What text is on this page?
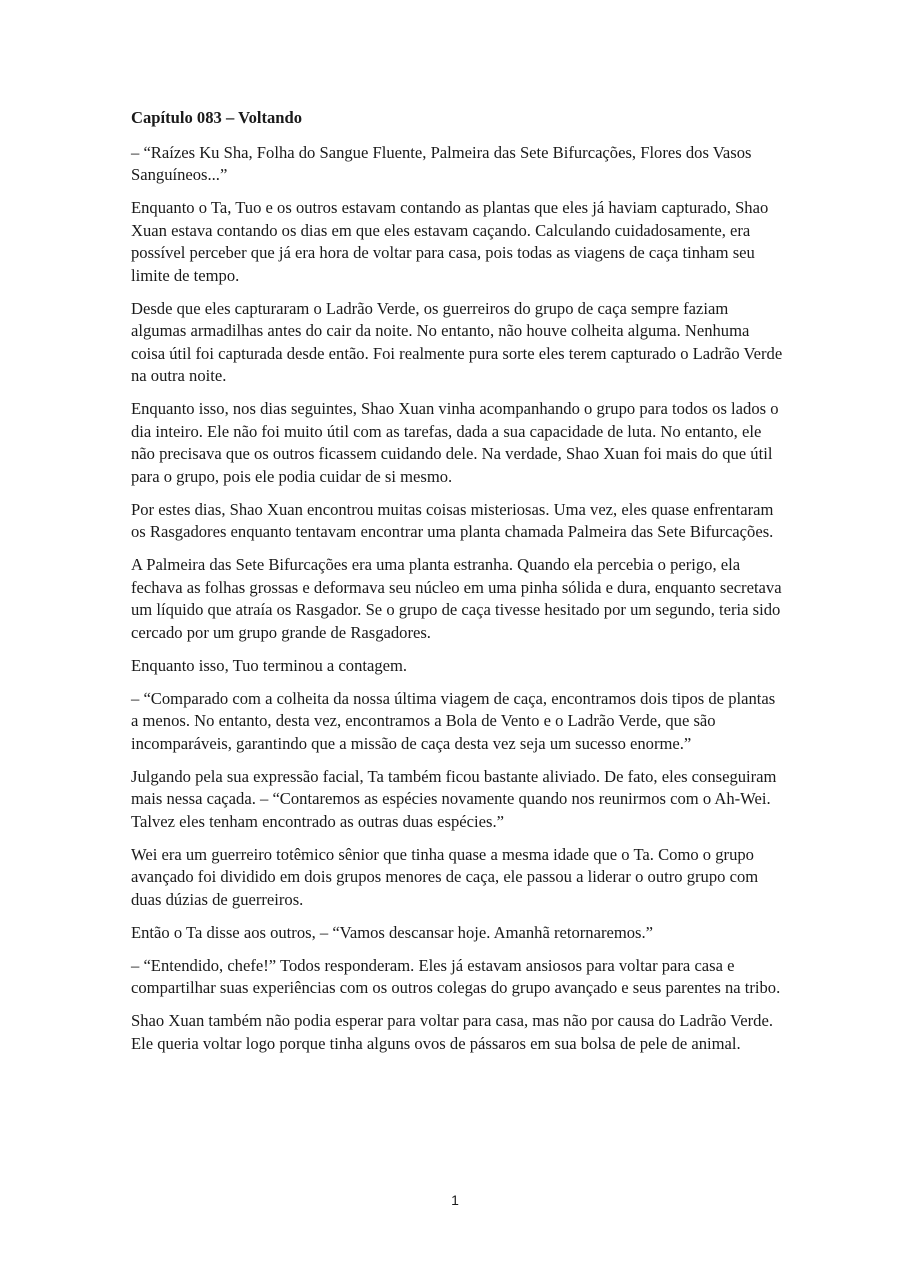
Capítulo 083 – Voltando

– “Raízes Ku Sha, Folha do Sangue Fluente, Palmeira das Sete Bifurcações, Flores dos Vasos Sanguíneos...”

Enquanto o Ta, Tuo e os outros estavam contando as plantas que eles já haviam capturado, Shao Xuan estava contando os dias em que eles estavam caçando. Calculando cuidadosamente, era possível perceber que já era hora de voltar para casa, pois todas as viagens de caça tinham seu limite de tempo.

Desde que eles capturaram o Ladrão Verde, os guerreiros do grupo de caça sempre faziam algumas armadilhas antes do cair da noite. No entanto, não houve colheita alguma. Nenhuma coisa útil foi capturada desde então. Foi realmente pura sorte eles terem capturado o Ladrão Verde na outra noite.

Enquanto isso, nos dias seguintes, Shao Xuan vinha acompanhando o grupo para todos os lados o dia inteiro. Ele não foi muito útil com as tarefas, dada a sua capacidade de luta. No entanto, ele não precisava que os outros ficassem cuidando dele. Na verdade, Shao Xuan foi mais do que útil para o grupo, pois ele podia cuidar de si mesmo.

Por estes dias, Shao Xuan encontrou muitas coisas misteriosas. Uma vez, eles quase enfrentaram os Rasgadores enquanto tentavam encontrar uma planta chamada Palmeira das Sete Bifurcações.

A Palmeira das Sete Bifurcações era uma planta estranha. Quando ela percebia o perigo, ela fechava as folhas grossas e deformava seu núcleo em uma pinha sólida e dura, enquanto secretava um líquido que atraía os Rasgador. Se o grupo de caça tivesse hesitado por um segundo, teria sido cercado por um grupo grande de Rasgadores.

Enquanto isso, Tuo terminou a contagem.

– “Comparado com a colheita da nossa última viagem de caça, encontramos dois tipos de plantas a menos. No entanto, desta vez, encontramos a Bola de Vento e o Ladrão Verde, que são incomparáveis, garantindo que a missão de caça desta vez seja um sucesso enorme.”

Julgando pela sua expressão facial, Ta também ficou bastante aliviado. De fato, eles conseguiram mais nessa caçada. – “Contaremos as espécies novamente quando nos reunirmos com o Ah-Wei. Talvez eles tenham encontrado as outras duas espécies.”

Wei era um guerreiro totêmico sênior que tinha quase a mesma idade que o Ta. Como o grupo avançado foi dividido em dois grupos menores de caça, ele passou a liderar o outro grupo com duas dúzias de guerreiros.

Então o Ta disse aos outros, – “Vamos descansar hoje. Amanhã retornaremos.”

– “Entendido, chefe!” Todos responderam. Eles já estavam ansiosos para voltar para casa e compartilhar suas experiências com os outros colegas do grupo avançado e seus parentes na tribo.

Shao Xuan também não podia esperar para voltar para casa, mas não por causa do Ladrão Verde. Ele queria voltar logo porque tinha alguns ovos de pássaros em sua bolsa de pele de animal.

1
